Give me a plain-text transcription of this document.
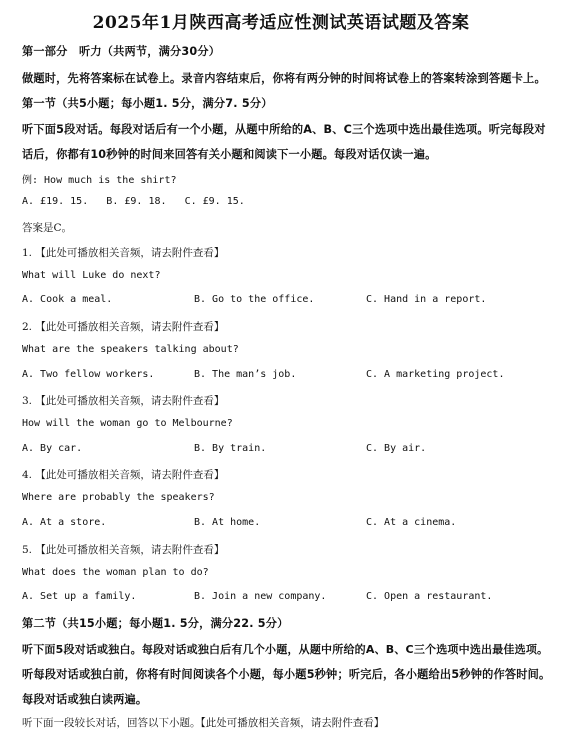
2025年1月陕西高考适应性测试英语试题及答案
第一部分　听力（共两节，满分30分）
做题时，先将答案标在试卷上。录音内容结束后，你将有两分钟的时间将试卷上的答案转涂到答题卡上。
第一节（共5小题；每小题1. 5分，满分7. 5分）
听下面5段对话。每段对话后有一个小题，从题中所给的A、B、C三个选项中选出最佳选项。听完每段对
话后，你都有10秒钟的时间来回答有关小题和阅读下一小题。每段对话仅读一遍。
例: How much is the shirt?
A. £19. 15. B. £9. 18. C. £9. 15.
答案是C。
1. 【此处可播放相关音频，请去附件查看】
What will Luke do next?
A. Cook a meal.	B. Go to the office.	C. Hand in a report.
2. 【此处可播放相关音频，请去附件查看】
What are the speakers talking about?
A. Two fellow workers.	B. The man’s job.	C. A marketing project.
3. 【此处可播放相关音频，请去附件查看】
How will the woman go to Melbourne?
A. By car.	B. By train.	C. By air.
4. 【此处可播放相关音频，请去附件查看】
Where are probably the speakers?
A. At a store.	B. At home.	C. At a cinema.
5. 【此处可播放相关音频，请去附件查看】
What does the woman plan to do?
A. Set up a family.	B. Join a new company.	C. Open a restaurant.
第二节（共15小题；每小题1. 5分，满分22. 5分）
听下面5段对话或独白。每段对话或独白后有几个小题，从题中所给的A、B、C三个选项中选出最佳选项。
听每段对话或独白前，你将有时间阅读各个小题，每小题5秒钟；听完后，各小题给出5秒钟的作答时间。
每段对话或独白读两遍。
听下面一段较长对话，回答以下小题。【此处可播放相关音频，请去附件查看】
